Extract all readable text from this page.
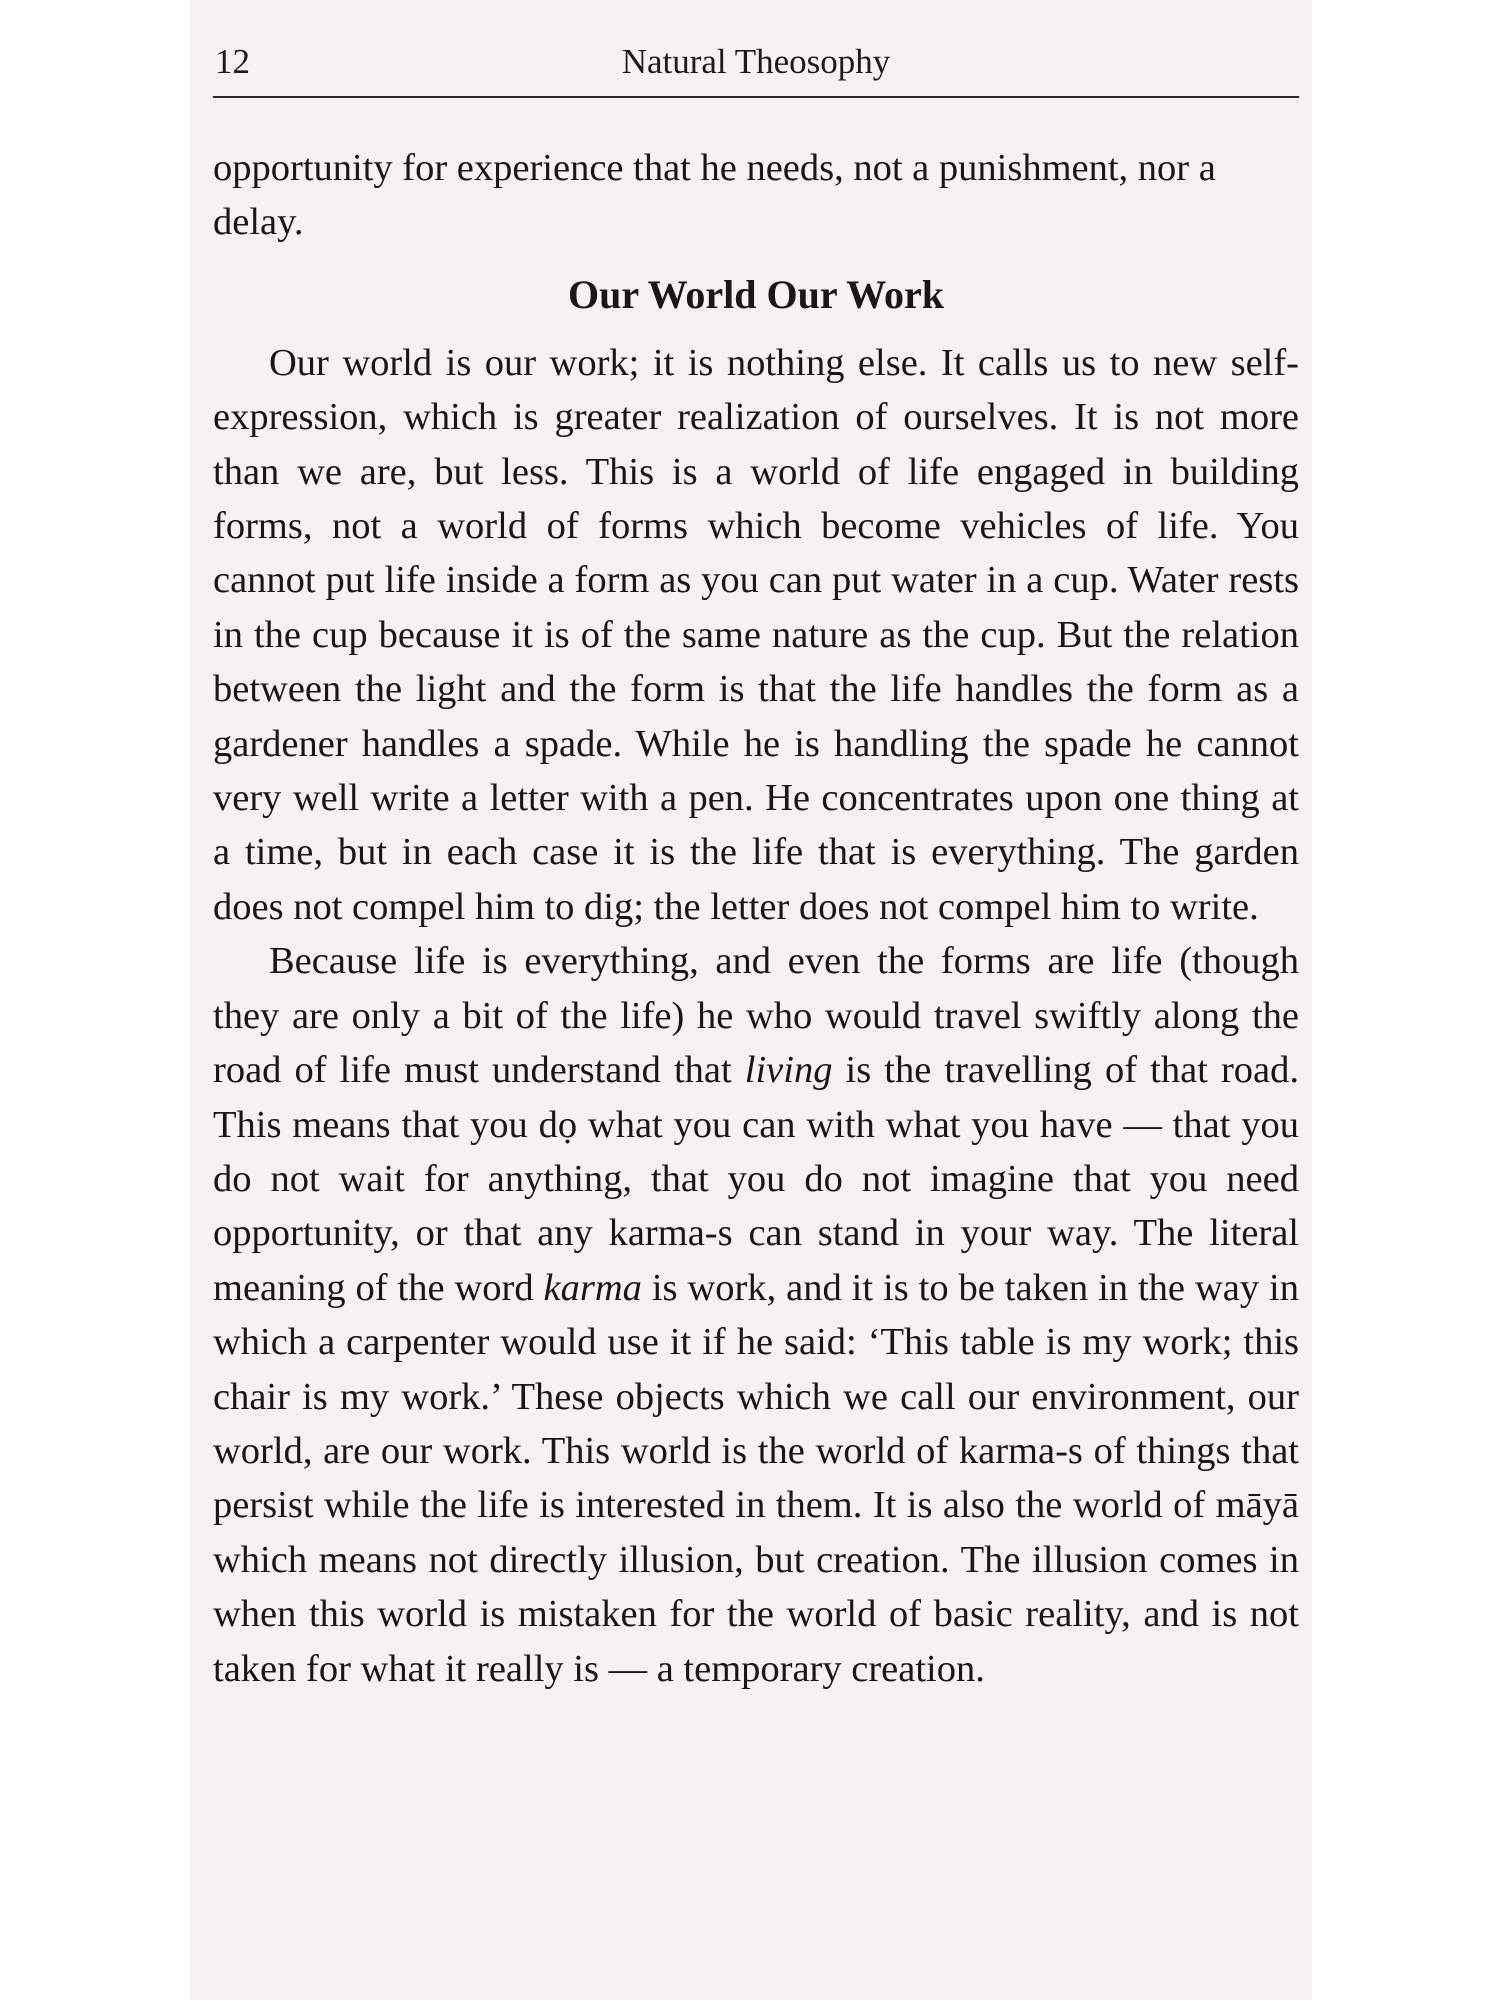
12	Natural Theosophy

opportunity for experience that he needs, not a punishment, nor a delay.

Our World Our Work

Our world is our work; it is nothing else. It calls us to new self-expression, which is greater realization of ourselves. It is not more than we are, but less. This is a world of life engaged in building forms, not a world of forms which become vehicles of life. You cannot put life inside a form as you can put water in a cup. Water rests in the cup because it is of the same nature as the cup. But the relation between the light and the form is that the life handles the form as a gardener handles a spade. While he is handling the spade he cannot very well write a letter with a pen. He concentrates upon one thing at a time, but in each case it is the life that is everything. The garden does not compel him to dig; the letter does not compel him to write.

Because life is everything, and even the forms are life (though they are only a bit of the life) he who would travel swiftly along the road of life must understand that living is the travelling of that road. This means that you dọ what you can with what you have — that you do not wait for anything, that you do not imagine that you need opportunity, or that any karma-s can stand in your way. The literal meaning of the word karma is work, and it is to be taken in the way in which a carpenter would use it if he said: ‘This table is my work; this chair is my work.’ These objects which we call our environment, our world, are our work. This world is the world of karma-s of things that persist while the life is interested in them. It is also the world of māyā which means not directly illusion, but creation. The illusion comes in when this world is mistaken for the world of basic reality, and is not taken for what it really is — a temporary creation.
